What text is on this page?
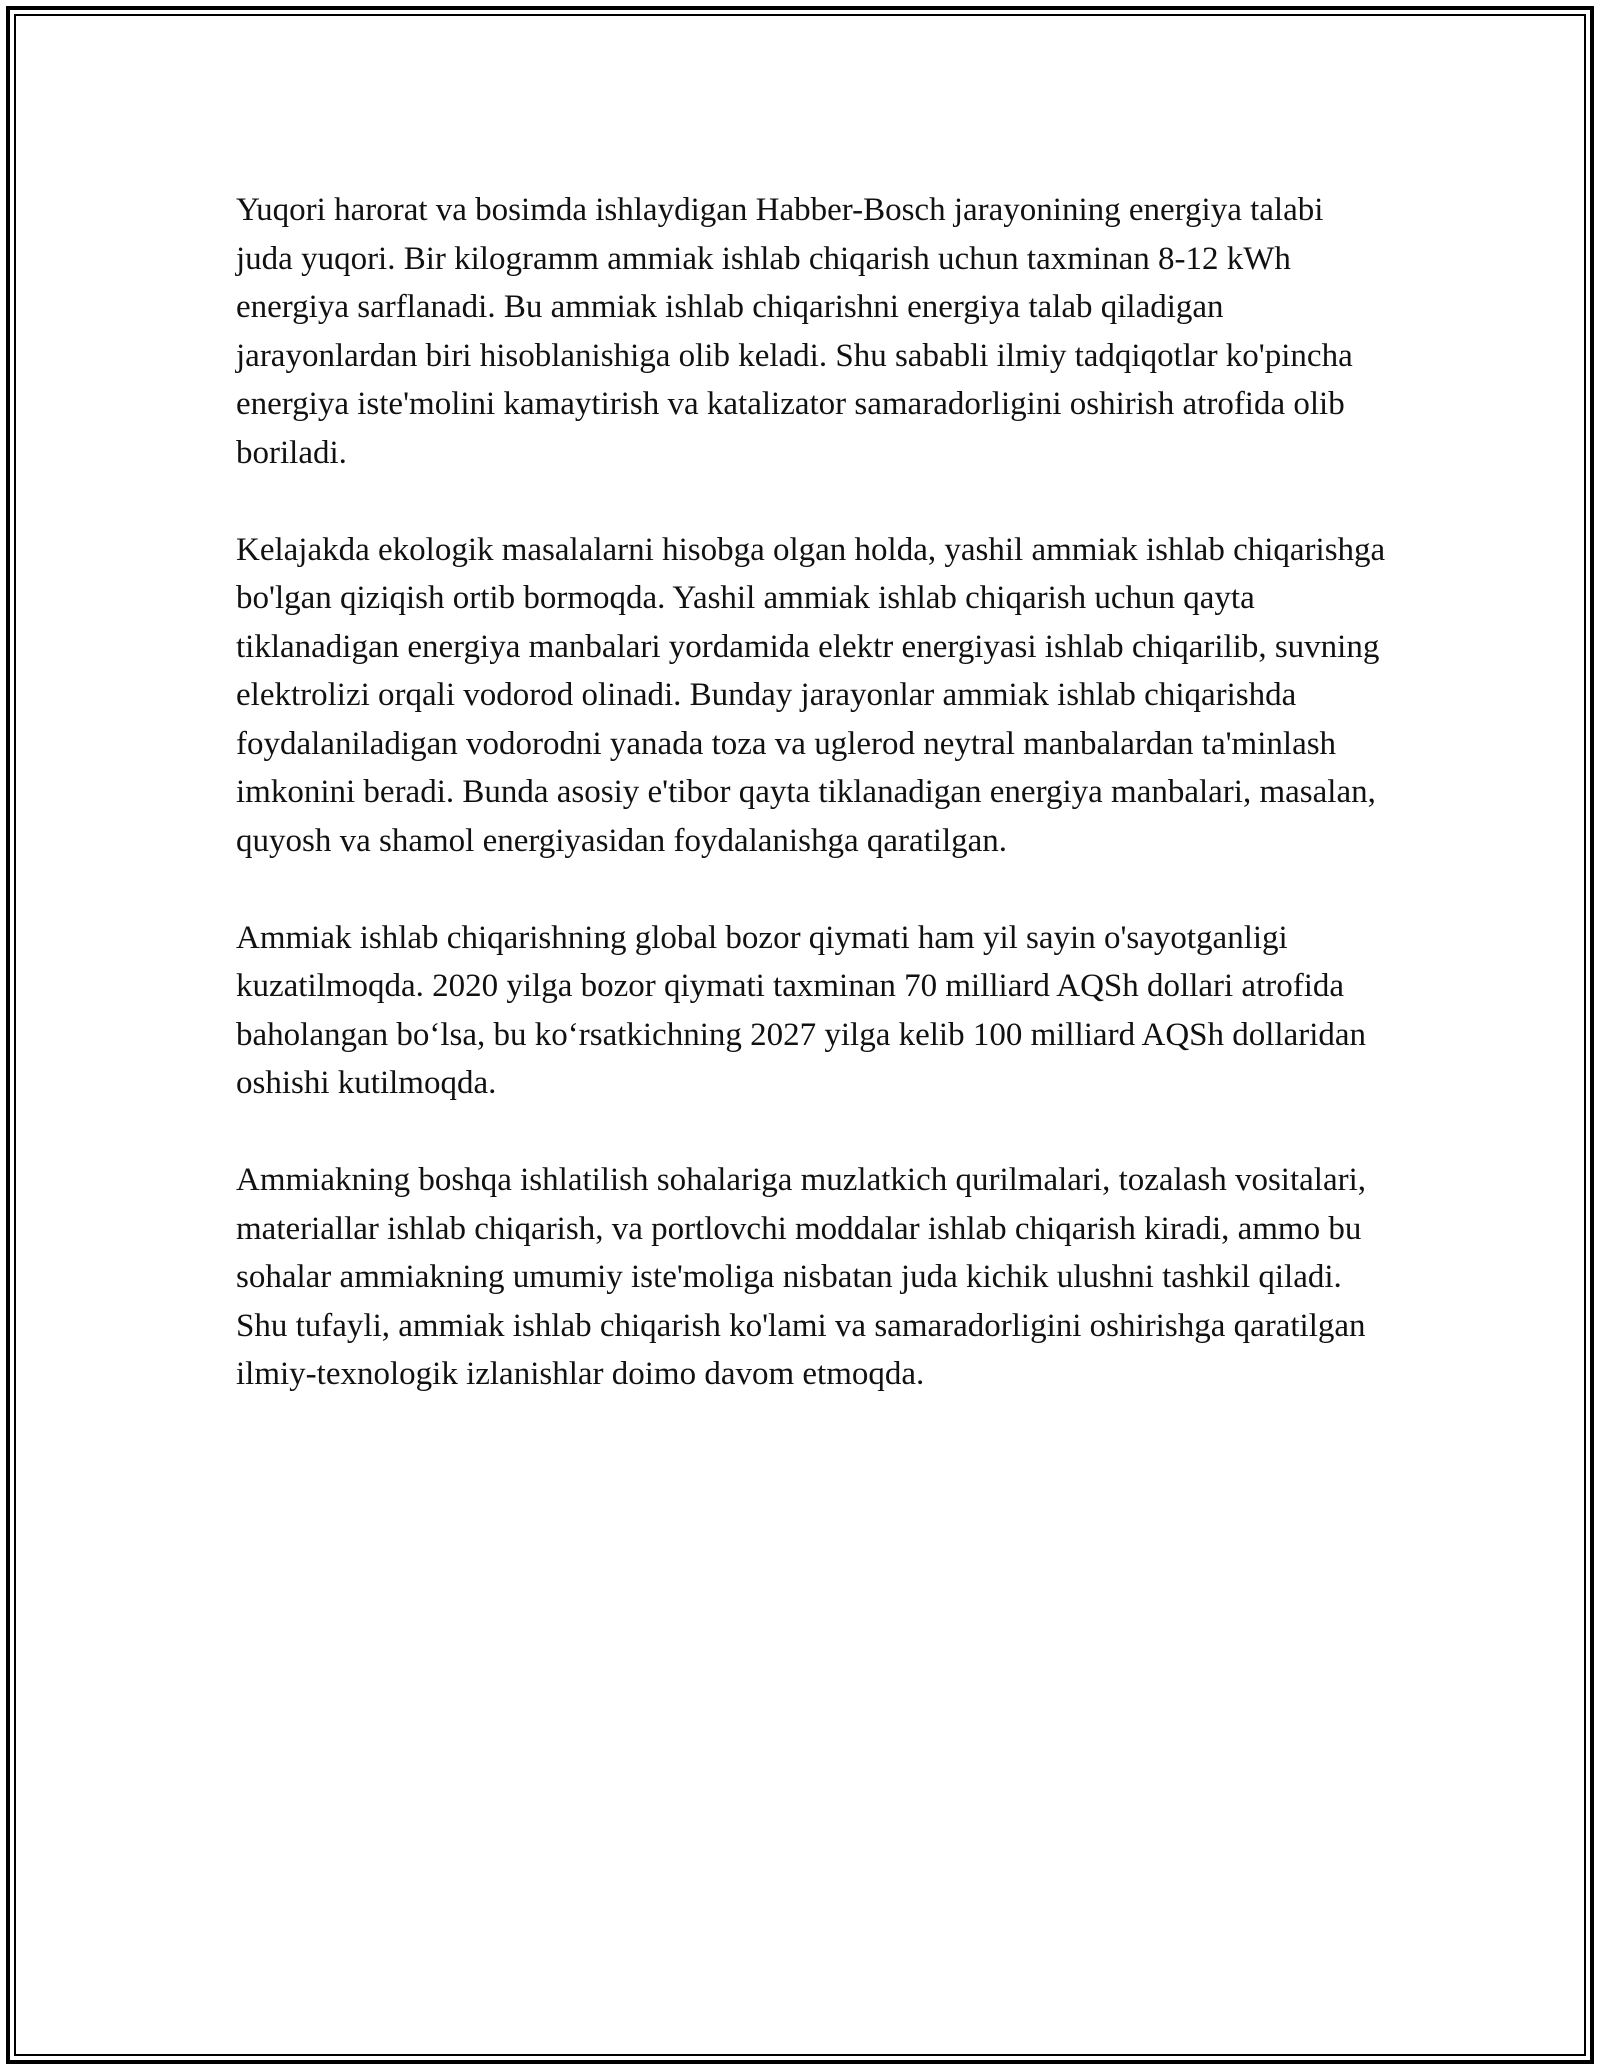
Yuqori harorat va bosimda ishlaydigan Habber-Bosch jarayonining energiya talabi juda yuqori. Bir kilogramm ammiak ishlab chiqarish uchun taxminan 8-12 kWh energiya sarflanadi. Bu ammiak ishlab chiqarishni energiya talab qiladigan jarayonlardan biri hisoblanishiga olib keladi. Shu sababli ilmiy tadqiqotlar ko'pincha energiya iste'molini kamaytirish va katalizator samaradorligini oshirish atrofida olib boriladi.

Kelajakda ekologik masalalarni hisobga olgan holda, yashil ammiak ishlab chiqarishga bo'lgan qiziqish ortib bormoqda. Yashil ammiak ishlab chiqarish uchun qayta tiklanadigan energiya manbalari yordamida elektr energiyasi ishlab chiqarilib, suvning elektrolizi orqali vodorod olinadi. Bunday jarayonlar ammiak ishlab chiqarishda foydalaniladigan vodorodni yanada toza va uglerod neytral manbalardan ta'minlash imkonini beradi. Bunda asosiy e'tibor qayta tiklanadigan energiya manbalari, masalan, quyosh va shamol energiyasidan foydalanishga qaratilgan.

Ammiak ishlab chiqarishning global bozor qiymati ham yil sayin o'sayotganligi kuzatilmoqda. 2020 yilga bozor qiymati taxminan 70 milliard AQSh dollari atrofida baholangan boʻlsa, bu koʻrsatkichning 2027 yilga kelib 100 milliard AQSh dollaridan oshishi kutilmoqda.

Ammiakning boshqa ishlatilish sohalariga muzlatkich qurilmalari, tozalash vositalari, materiallar ishlab chiqarish, va portlovchi moddalar ishlab chiqarish kiradi, ammo bu sohalar ammiakning umumiy iste'moliga nisbatan juda kichik ulushni tashkil qiladi. Shu tufayli, ammiak ishlab chiqarish ko'lami va samaradorligini oshirishga qaratilgan ilmiy-texnologik izlanishlar doimo davom etmoqda.
